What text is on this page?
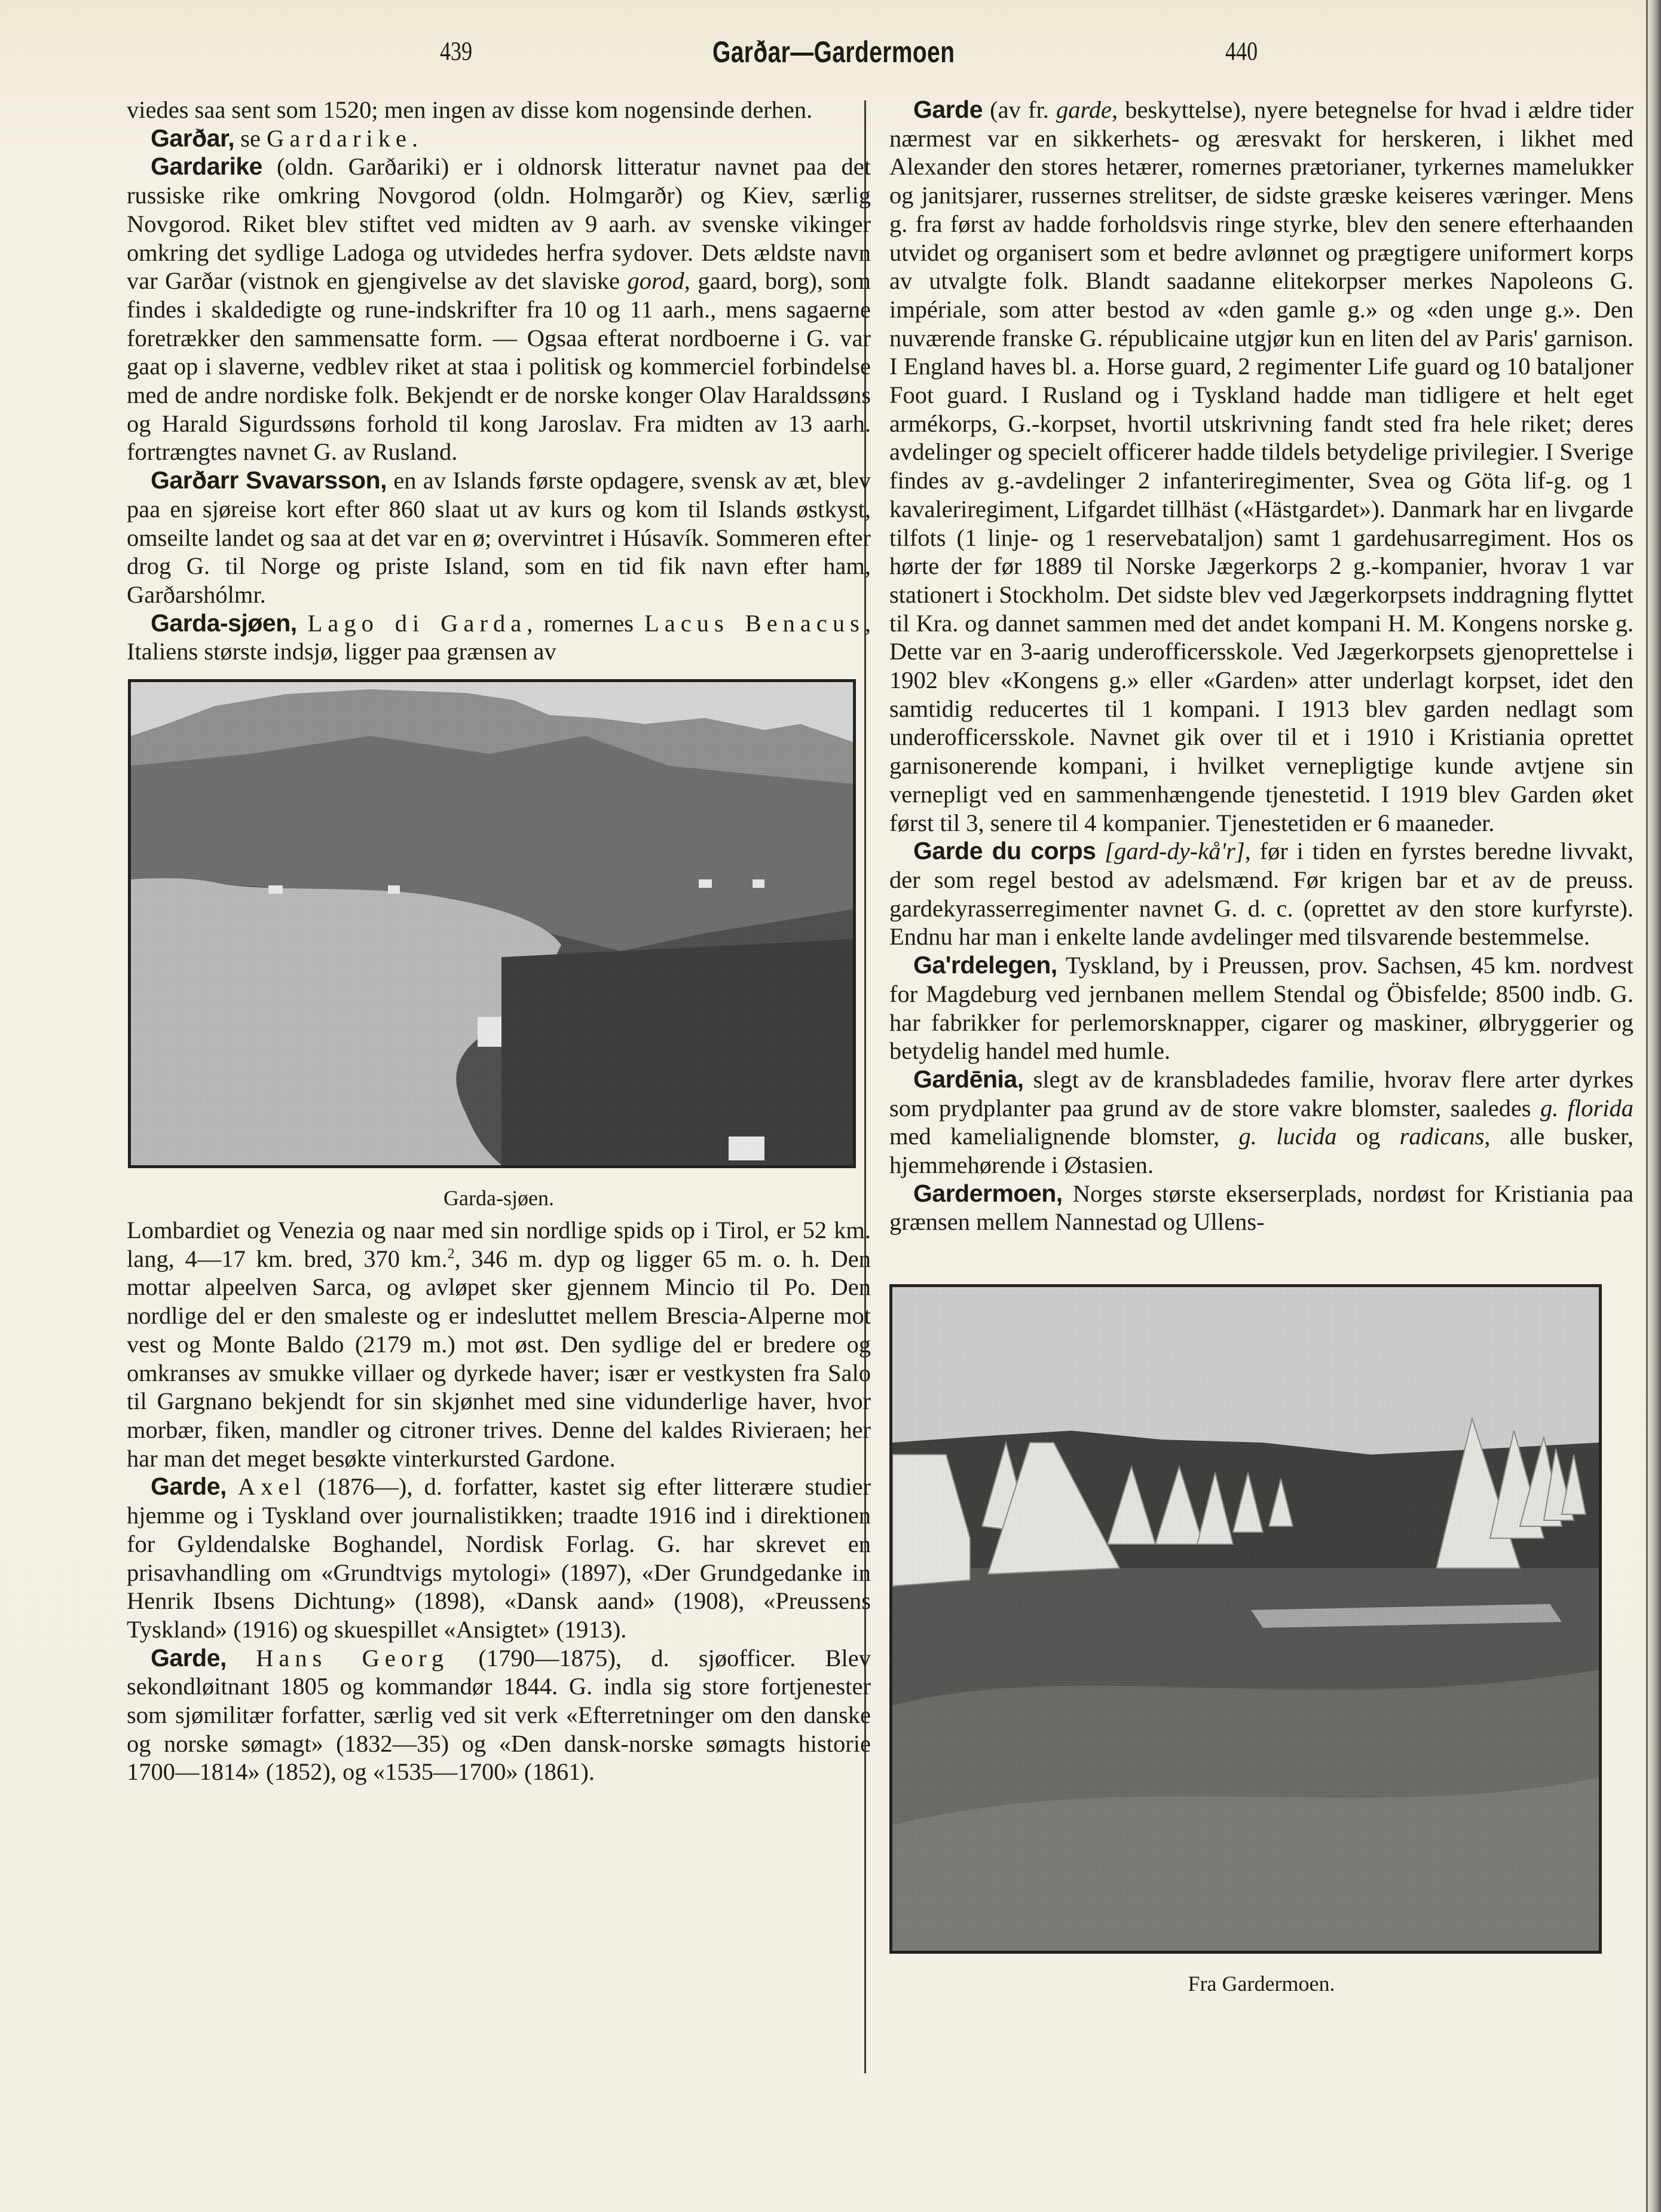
439	Garðar—Gardermoen	440

viedes saa sent som 1520; men ingen av disse kom nogensinde derhen.

Garðar, se Gardarike.

Gardarike (oldn. Garðariki) er i oldnorsk litteratur navnet paa det russiske rike omkring Novgorod (oldn. Holmgarðr) og Kiev, særlig Novgorod. Riket blev stiftet ved midten av 9 aarh. av svenske vikinger omkring det sydlige Ladoga og utvidedes herfra sydover. Dets ældste navn var Garðar (vistnok en gjengivelse av det slaviske gorod, gaard, borg), som findes i skaldedigte og rune-indskrifter fra 10 og 11 aarh., mens sagaerne foretrækker den sammensatte form. — Ogsaa efterat nordboerne i G. var gaat op i slaverne, vedblev riket at staa i politisk og kommerciel forbindelse med de andre nordiske folk. Bekjendt er de norske konger Olav Haraldssøns og Harald Sigurdssøns forhold til kong Jaroslav. Fra midten av 13 aarh. fortrængtes navnet G. av Rusland.

Garðarr Svavarsson, en av Islands første opdagere, svensk av æt, blev paa en sjøreise kort efter 860 slaat ut av kurs og kom til Islands østkyst, omseilte landet og saa at det var en ø; overvintret i Húsavík. Sommeren efter drog G. til Norge og priste Island, som en tid fik navn efter ham, Garðarshólmr.

Garda-sjøen, Lago di Garda, romernes Lacus Benacus, Italiens største indsjø, ligger paa grænsen av

Garda-sjøen.

Lombardiet og Venezia og naar med sin nordlige spids op i Tirol, er 52 km. lang, 4—17 km. bred, 370 km.$^2$, 346 m. dyp og ligger 65 m. o. h. Den mottar alpeelven Sarca, og avløpet sker gjennem Mincio til Po. Den nordlige del er den smaleste og er indesluttet mellem Brescia-Alperne mot vest og Monte Baldo (2179 m.) mot øst. Den sydlige del er bredere og omkranses av smukke villaer og dyrkede haver; især er vestkysten fra Salo til Gargnano bekjendt for sin skjønhet med sine vidunderlige haver, hvor morbær, fiken, mandler og citroner trives. Denne del kaldes Rivieraen; her har man det meget besøkte vinterkursted Gardone.

Garde, Axel (1876—), d. forfatter, kastet sig efter litterære studier hjemme og i Tyskland over journalistikken; traadte 1916 ind i direktionen for Gyldendalske Boghandel, Nordisk Forlag. G. har skrevet en prisavhandling om «Grundtvigs mytologi» (1897), «Der Grundgedanke in Henrik Ibsens Dichtung» (1898), «Dansk aand» (1908), «Preussens Tyskland» (1916) og skuespillet «Ansigtet» (1913).

Garde, Hans Georg (1790—1875), d. sjøofficer. Blev sekondløitnant 1805 og kommandør 1844. G. indla sig store fortjenester som sjømilitær forfatter, særlig ved sit verk «Efterretninger om den danske og norske sømagt» (1832—35) og «Den dansk-norske sømagts historie 1700—1814» (1852), og «1535—1700» (1861).

Garde (av fr. garde, beskyttelse), nyere betegnelse for hvad i ældre tider nærmest var en sikkerhets- og æresvakt for herskeren, i likhet med Alexander den stores hetærer, romernes prætorianer, tyrkernes mamelukker og janitsjarer, russernes strelitser, de sidste græske keiseres væringer. Mens g. fra først av hadde forholdsvis ringe styrke, blev den senere efterhaanden utvidet og organisert som et bedre avlønnet og prægtigere uniformert korps av utvalgte folk. Blandt saadanne elitekorpser merkes Napoleons G. impériale, som atter bestod av «den gamle g.» og «den unge g.». Den nuværende franske G. républicaine utgjør kun en liten del av Paris' garnison. I England haves bl. a. Horse guard, 2 regimenter Life guard og 10 bataljoner Foot guard. I Rusland og i Tyskland hadde man tidligere et helt eget armékorps, G.-korpset, hvortil utskrivning fandt sted fra hele riket; deres avdelinger og specielt officerer hadde tildels betydelige privilegier. I Sverige findes av g.-avdelinger 2 infanteriregimenter, Svea og Göta lif-g. og 1 kavaleriregiment, Lifgardet tillhäst («Hästgardet»). Danmark har en livgarde tilfots (1 linje- og 1 reservebataljon) samt 1 gardehusarregiment. Hos os hørte der før 1889 til Norske Jægerkorps 2 g.-kompanier, hvorav 1 var stationert i Stockholm. Det sidste blev ved Jægerkorpsets inddragning flyttet til Kra. og dannet sammen med det andet kompani H. M. Kongens norske g. Dette var en 3-aarig underofficersskole. Ved Jægerkorpsets gjenoprettelse i 1902 blev «Kongens g.» eller «Garden» atter underlagt korpset, idet den samtidig reducertes til 1 kompani. I 1913 blev garden nedlagt som underofficersskole. Navnet gik over til et i 1910 i Kristiania oprettet garnisonerende kompani, i hvilket vernepligtige kunde avtjene sin vernepligt ved en sammenhængende tjenestetid. I 1919 blev Garden øket først til 3, senere til 4 kompanier. Tjenestetiden er 6 maaneder.

Garde du corps [gard-dy-kå'r], før i tiden en fyrstes beredne livvakt, der som regel bestod av adelsmænd. Før krigen bar et av de preuss. gardekyrasserregimenter navnet G. d. c. (oprettet av den store kurfyrste). Endnu har man i enkelte lande avdelinger med tilsvarende bestemmelse.

Ga'rdelegen, Tyskland, by i Preussen, prov. Sachsen, 45 km. nordvest for Magdeburg ved jernbanen mellem Stendal og Öbisfelde; 8500 indb. G. har fabrikker for perlemorsknapper, cigarer og maskiner, ølbryggerier og betydelig handel med humle.

Gardēnia, slegt av de kransbladedes familie, hvorav flere arter dyrkes som prydplanter paa grund av de store vakre blomster, saaledes g. florida med kamelialignende blomster, g. lucida og radicans, alle busker, hjemmehørende i Østasien.

Gardermoen, Norges største ekserserplads, nordøst for Kristiania paa grænsen mellem Nannestad og Ullens-

Fra Gardermoen.
